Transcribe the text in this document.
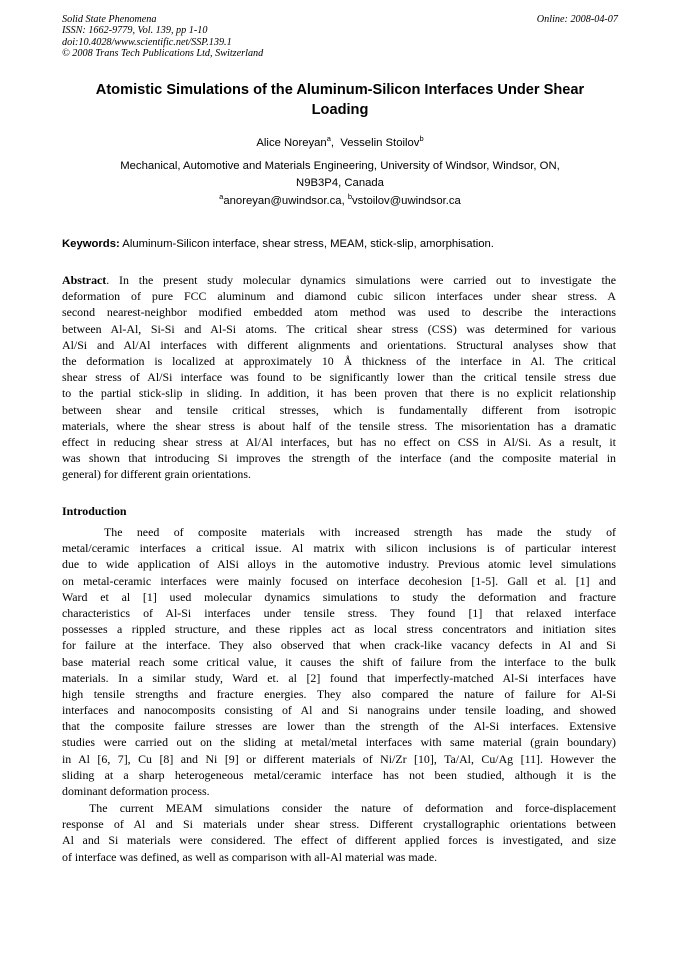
Solid State Phenomena
ISSN: 1662-9779, Vol. 139, pp 1-10
doi:10.4028/www.scientific.net/SSP.139.1
© 2008 Trans Tech Publications Ltd, Switzerland
Online: 2008-04-07
Atomistic Simulations of the Aluminum-Silicon Interfaces Under Shear
Loading
Alice Noreyan$^a$,  Vesselin Stoilov$^b$
Mechanical, Automotive and Materials Engineering, University of Windsor, Windsor, ON,
N9B3P4, Canada
$^a$anoreyan@uwindsor.ca, $^b$vstoilov@uwindsor.ca
Keywords: Aluminum-Silicon interface, shear stress, MEAM, stick-slip, amorphisation.
Abstract. In the present study molecular dynamics simulations were carried out to investigate the
deformation of pure FCC aluminum and diamond cubic silicon interfaces under shear stress. A
second nearest-neighbor modified embedded atom method was used to describe the interactions
between Al-Al, Si-Si and Al-Si atoms. The critical shear stress (CSS) was determined for various
Al/Si and Al/Al interfaces with different alignments and orientations. Structural analyses show that
the deformation is localized at approximately 10 Å thickness of the interface in Al. The critical
shear stress of Al/Si interface was found to be significantly lower than the critical tensile stress due
to the partial stick-slip in sliding. In addition, it has been proven that there is no explicit relationship
between shear and tensile critical stresses, which is fundamentally different from isotropic
materials, where the shear stress is about half of the tensile stress. The misorientation has a dramatic
effect in reducing shear stress at Al/Al interfaces, but has no effect on CSS in Al/Si. As a result, it
was shown that introducing Si improves the strength of the interface (and the composite material in
general) for different grain orientations.
Introduction
The need of composite materials with increased strength has made the study of
metal/ceramic interfaces a critical issue. Al matrix with silicon inclusions is of particular interest
due to wide application of AlSi alloys in the automotive industry. Previous atomic level simulations
on metal-ceramic interfaces were mainly focused on interface decohesion [1-5]. Gall et al. [1] and
Ward et al [1] used molecular dynamics simulations to study the deformation and fracture
characteristics of Al-Si interfaces under tensile stress. They found [1] that relaxed interface
possesses a rippled structure, and these ripples act as local stress concentrators and initiation sites
for failure at the interface. They also observed that when crack-like vacancy defects in Al and Si
base material reach some critical value, it causes the shift of failure from the interface to the bulk
materials. In a similar study, Ward et. al [2] found that imperfectly-matched Al-Si interfaces have
high tensile strengths and fracture energies. They also compared the nature of failure for Al-Si
interfaces and nanocomposits consisting of Al and Si nanograins under tensile loading, and showed
that the composite failure stresses are lower than the strength of the Al-Si interfaces. Extensive
studies were carried out on the sliding at metal/metal interfaces with same material (grain boundary)
in Al [6, 7], Cu [8] and Ni [9] or different materials of Ni/Zr [10], Ta/Al, Cu/Ag [11]. However the
sliding at a sharp heterogeneous metal/ceramic interface has not been studied, although it is the
dominant deformation process.
The current MEAM simulations consider the nature of deformation and force-displacement
response of Al and Si materials under shear stress. Different crystallographic orientations between
Al and Si materials were considered. The effect of different applied forces is investigated, and size
of interface was defined, as well as comparison with all-Al material was made.
